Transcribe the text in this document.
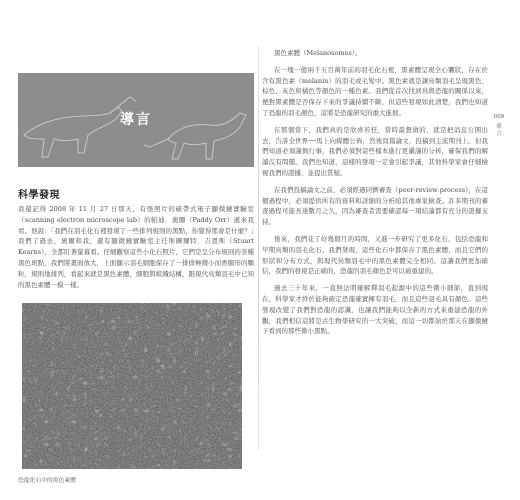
導言
科學發現

我還記得 2008 年 11 月 27 日那天，有張照片的確帶式電子顯微鏡實驗室（scanning electron microscope lab）的帕迪．奧爾（Paddy Orr）遞來我看。他說：「我們在羽毛化石裡發現了一些排列規則的黑點，你覺得那會是什麼？」我們了過去，奧爾和我，還有顯微鏡實驗室主任斯圖爾特．吉恩斯（Stuart Kearns），全都盯著螢幕看。仔細觀察這些小化石照片，它們是呈分布規則的茶種黑色斑點，我們將畫面放大，上面顯示羽毛細胞保存了一排排極微小而香腸形的顆粒，規則地排列，看起來就是黑色素體，細胞與組織結構，跟現代鳥類羽毛中已知的黑色素體一模一樣。

恐龍化石中的黑色素體

黑色素體（Melanosomes）。

在一塊一億兩千五百萬年前的羽毛化石裡，黑素體呈現全心囊狀，存在於含有黑色素（melanin）的羽毛或毛髮中。黑色素就是讓鳥類羽毛呈現黑色、棕色、灰色和橘色等顏色的一種色素。我們從首次找到鳥與恐龍的關係以來，便對黑素體是否保存下來的爭議持續不斷，但這些發現如此清楚，我們也知道了恐龍的羽毛顏色，這將是恐龍研究的重大進展。

在那個當下，我們真的是欣喜若狂，當時最想做的，就是把消息公開出去，告訴全世界──馬上向媒體公佈，然後寫篇論文，投稿到主流期刊上。但我們知道必須謹慎行事，我們必須對這些樣本進行更嚴謹的分析，確保我們的解讀沒有問題。我們也知道，這樣的發現一定會引起爭議，其他科學家會仔細檢視我們的證據，並提出質疑。

在我們投稿論文之前，必須經過同儕審查（peer-review process），在這個過程中，必須提供所有的資料和詳細的分析給其他專家檢查。許多期刊的審查過程可能長達數月之久，因為審查者需要確認每一項結論都有充分的證據支持。

後來，我們花了好幾個月的時間，又進一步研究了更多化石，包括恐龍和早期鳥類的羽毛化石。我們發現，這些化石中都保存了黑色素體，而且它們的形狀和分布方式，與現代鳥類羽毛中的黑色素體完全相同。這讓我們更加確信，我們的發現是正確的，恐龍的羽毛顏色是可以被重建的。

過去三十年來，一直無法明確解釋羽毛起源中的這些微小細節，直到現在，科學家才終於能夠確定恐龍確實擁有羽毛，而且這些羽毛具有顏色。這些發現改變了我們對恐龍的認識，也讓我們能夠以全新的方式來重建恐龍的外觀，我們相信這將是古生物學研究的一大突破，而這一切都始於那天在顯微鏡下看到的那些微小黑點。

009
導言
